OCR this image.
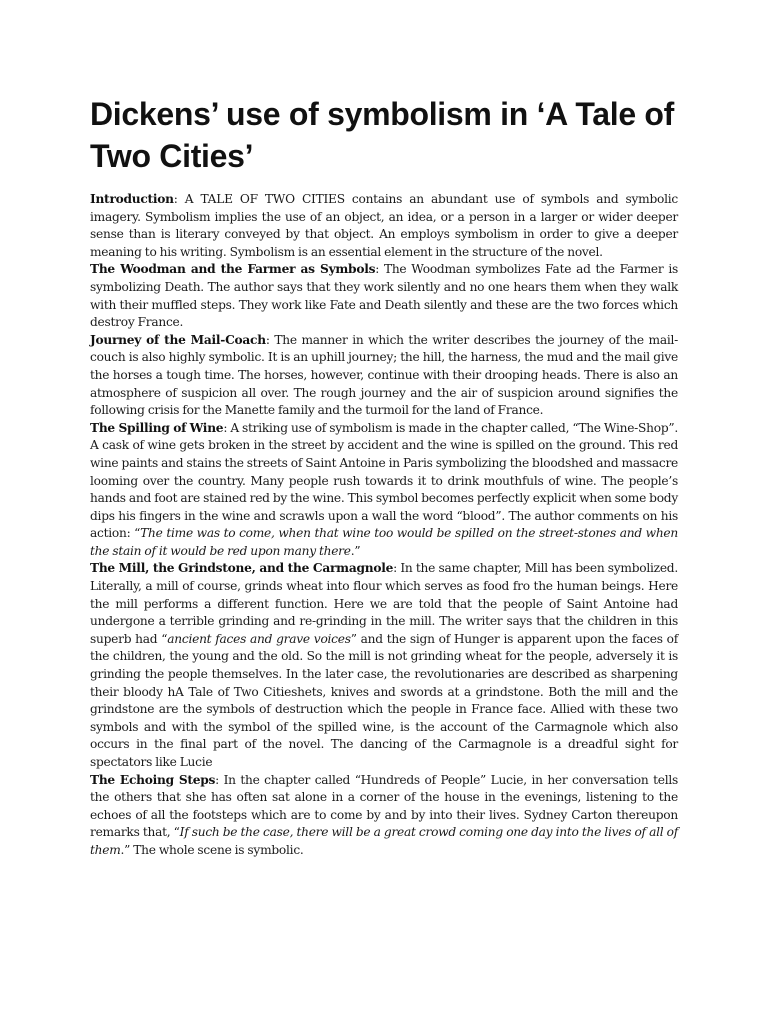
Dickens’ use of symbolism in ‘A Tale of Two Cities’

Introduction: A TALE OF TWO CITIES contains an abundant use of symbols and symbolic imagery. Symbolism implies the use of an object, an idea, or a person in a larger or wider deeper sense than is literary conveyed by that object. An employs symbolism in order to give a deeper meaning to his writing. Symbolism is an essential element in the structure of the novel.

The Woodman and the Farmer as Symbols: The Woodman symbolizes Fate ad the Farmer is symbolizing Death. The author says that they work silently and no one hears them when they walk with their muffled steps. They work like Fate and Death silently and these are the two forces which destroy France.

Journey of the Mail-Coach: The manner in which the writer describes the journey of the mail-couch is also highly symbolic. It is an uphill journey; the hill, the harness, the mud and the mail give the horses a tough time. The horses, however, continue with their drooping heads. There is also an atmosphere of suspicion all over. The rough journey and the air of suspicion around signifies the following crisis for the Manette family and the turmoil for the land of France.

The Spilling of Wine: A striking use of symbolism is made in the chapter called, “The Wine-Shop”. A cask of wine gets broken in the street by accident and the wine is spilled on the ground. This red wine paints and stains the streets of Saint Antoine in Paris symbolizing the bloodshed and massacre looming over the country. Many people rush towards it to drink mouthfuls of wine. The people’s hands and foot are stained red by the wine. This symbol becomes perfectly explicit when some body dips his fingers in the wine and scrawls upon a wall the word “blood”. The author comments on his action: “The time was to come, when that wine too would be spilled on the street-stones and when the stain of it would be red upon many there.”

The Mill, the Grindstone, and the Carmagnole: In the same chapter, Mill has been symbolized. Literally, a mill of course, grinds wheat into flour which serves as food fro the human beings. Here the mill performs a different function. Here we are told that the people of Saint Antoine had undergone a terrible grinding and re-grinding in the mill. The writer says that the children in this superb had “ancient faces and grave voices” and the sign of Hunger is apparent upon the faces of the children, the young and the old. So the mill is not grinding wheat for the people, adversely it is grinding the people themselves. In the later case, the revolutionaries are described as sharpening their bloody hA Tale of Two Citieshets, knives and swords at a grindstone. Both the mill and the grindstone are the symbols of destruction which the people in France face. Allied with these two symbols and with the symbol of the spilled wine, is the account of the Carmagnole which also occurs in the final part of the novel. The dancing of the Carmagnole is a dreadful sight for spectators like Lucie

The Echoing Steps: In the chapter called “Hundreds of People” Lucie, in her conversation tells the others that she has often sat alone in a corner of the house in the evenings, listening to the echoes of all the footsteps which are to come by and by into their lives. Sydney Carton thereupon remarks that, “If such be the case, there will be a great crowd coming one day into the lives of all of them.” The whole scene is symbolic.
